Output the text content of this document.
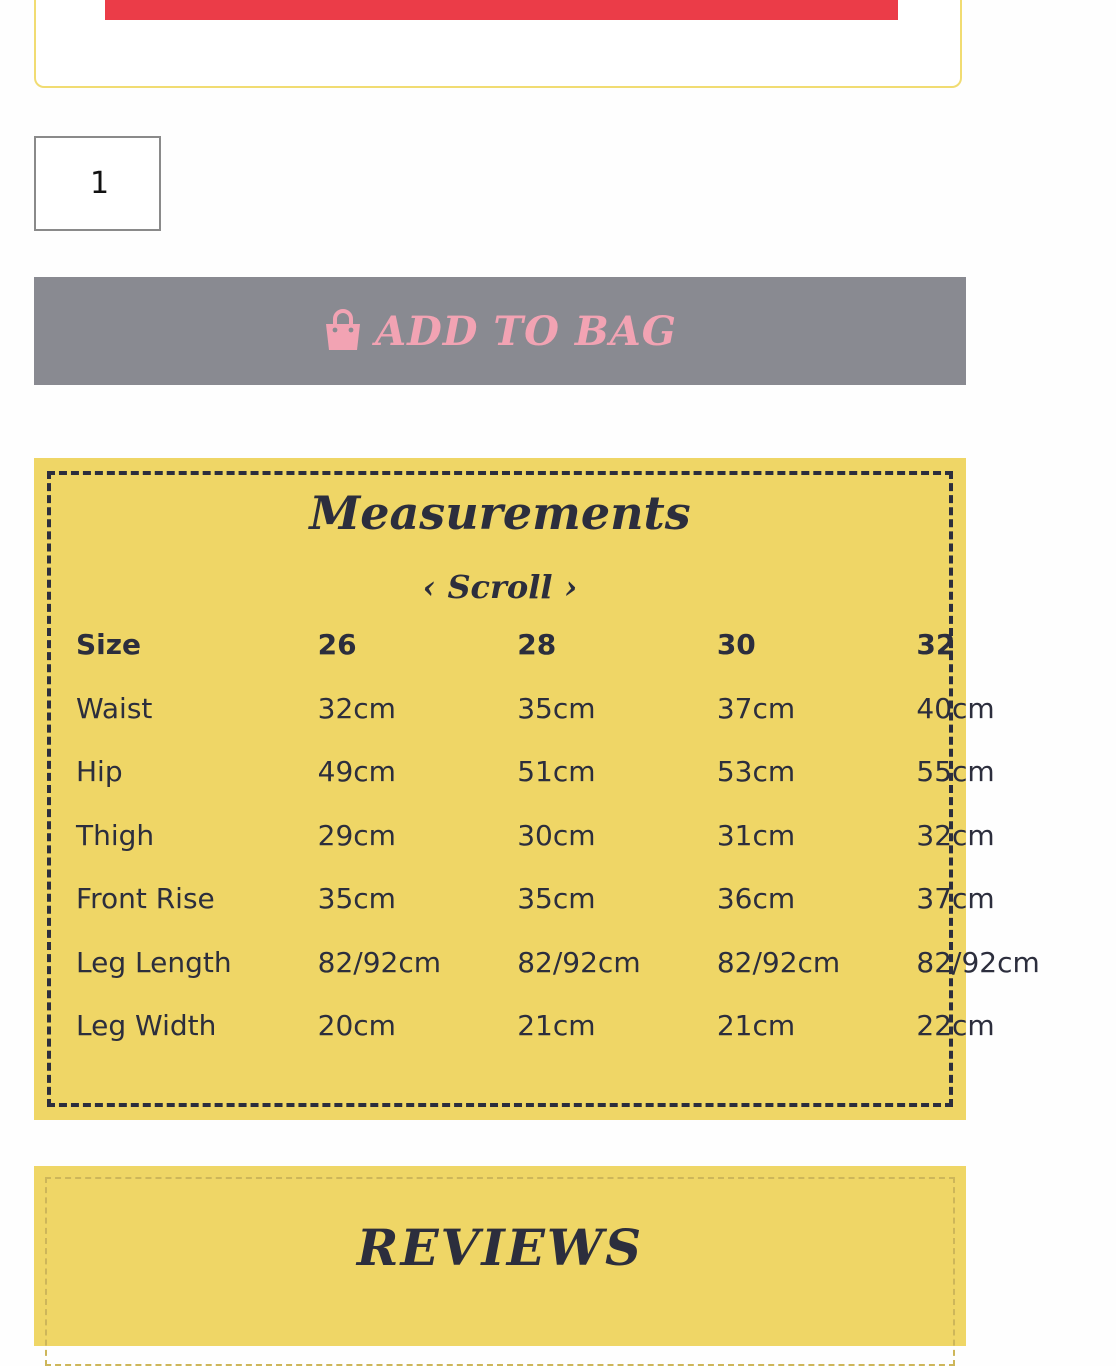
1
ADD TO BAG
Measurements
‹ Scroll ›
Size	26	28	30	32
Waist	32cm	35cm	37cm	40cm
Hip	49cm	51cm	53cm	55cm
Thigh	29cm	30cm	31cm	32cm
Front Rise	35cm	35cm	36cm	37cm
Leg Length	82/92cm	82/92cm	82/92cm	82/92cm
Leg Width	20cm	21cm	21cm	22cm
REVIEWS
